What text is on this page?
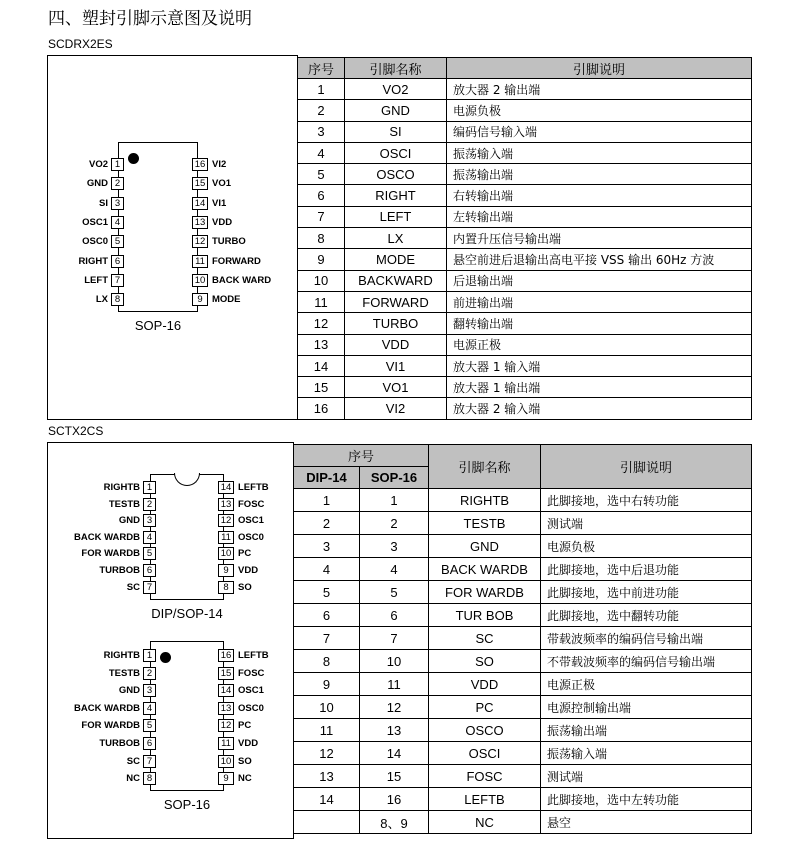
四、塑封引脚示意图及说明
SCDRX2ES
VO2 1
GND 2
SI 3
OSC1 4
OSC0 5
RIGHT 6
LEFT 7
LX 8
16 VI2
15 VO1
14 VI1
13 VDD
12 TURBO
11 FORWARD
10 BACK WARD
9 MODE
SOP-16
序号	引脚名称	引脚说明
1	VO2	放大器 2 输出端
2	GND	电源负极
3	SI	编码信号输入端
4	OSCI	振荡输入端
5	OSCO	振荡输出端
6	RIGHT	右转输出端
7	LEFT	左转输出端
8	LX	内置升压信号输出端
9	MODE	悬空前进后退输出高电平接 VSS 输出 60Hz 方波
10	BACKWARD	后退输出端
11	FORWARD	前进输出端
12	TURBO	翻转输出端
13	VDD	电源正极
14	VI1	放大器 1 输入端
15	VO1	放大器 1 输出端
16	VI2	放大器 2 输入端
SCTX2CS
RIGHTB 1
TESTB 2
GND 3
BACK WARDB 4
FOR WARDB 5
TURBOB 6
SC 7
14 LEFTB
13 FOSC
12 OSC1
11 OSC0
10 PC
9 VDD
8 SO
DIP/SOP-14
RIGHTB 1
TESTB 2
GND 3
BACK WARDB 4
FOR WARDB 5
TURBOB 6
SC 7
NC 8
16 LEFTB
15 FOSC
14 OSC1
13 OSC0
12 PC
11 VDD
10 SO
9 NC
SOP-16
序号		引脚名称	引脚说明
DIP-14	SOP-16		
1	1	RIGHTB	此脚接地，选中右转功能
2	2	TESTB	测试端
3	3	GND	电源负极
4	4	BACK WARDB	此脚接地，选中后退功能
5	5	FOR WARDB	此脚接地，选中前进功能
6	6	TUR BOB	此脚接地，选中翻转功能
7	7	SC	带载波频率的编码信号输出端
8	10	SO	不带载波频率的编码信号输出端
9	11	VDD	电源正极
10	12	PC	电源控制输出端
11	13	OSCO	振荡输出端
12	14	OSCI	振荡输入端
13	15	FOSC	测试端
14	16	LEFTB	此脚接地，选中左转功能
	8、9	NC	悬空
